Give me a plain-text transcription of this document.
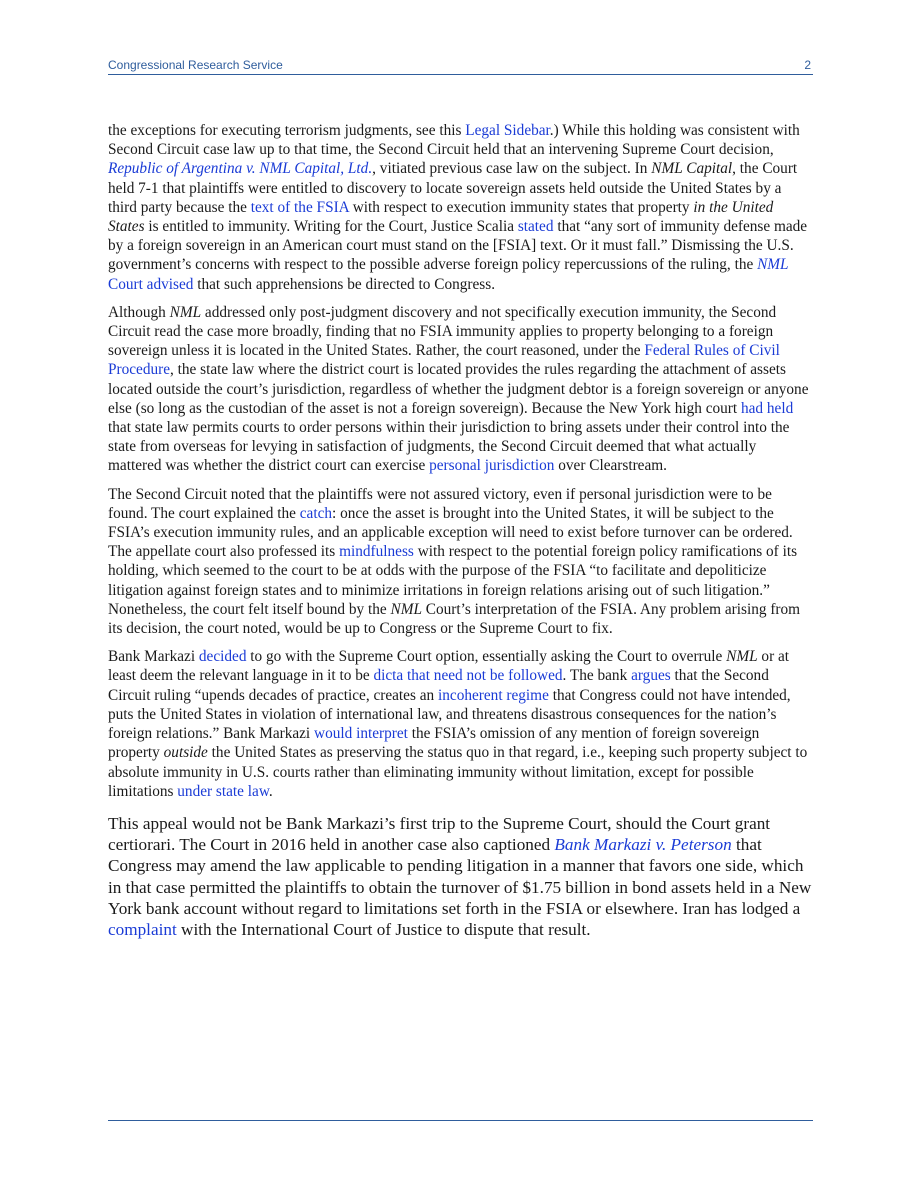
Congressional Research Service	2

the exceptions for executing terrorism judgments, see this Legal Sidebar.) While this holding was consistent with Second Circuit case law up to that time, the Second Circuit held that an intervening Supreme Court decision, Republic of Argentina v. NML Capital, Ltd., vitiated previous case law on the subject. In NML Capital, the Court held 7-1 that plaintiffs were entitled to discovery to locate sovereign assets held outside the United States by a third party because the text of the FSIA with respect to execution immunity states that property in the United States is entitled to immunity. Writing for the Court, Justice Scalia stated that “any sort of immunity defense made by a foreign sovereign in an American court must stand on the [FSIA] text. Or it must fall.” Dismissing the U.S. government’s concerns with respect to the possible adverse foreign policy repercussions of the ruling, the NML Court advised that such apprehensions be directed to Congress.

Although NML addressed only post-judgment discovery and not specifically execution immunity, the Second Circuit read the case more broadly, finding that no FSIA immunity applies to property belonging to a foreign sovereign unless it is located in the United States. Rather, the court reasoned, under the Federal Rules of Civil Procedure, the state law where the district court is located provides the rules regarding the attachment of assets located outside the court’s jurisdiction, regardless of whether the judgment debtor is a foreign sovereign or anyone else (so long as the custodian of the asset is not a foreign sovereign). Because the New York high court had held that state law permits courts to order persons within their jurisdiction to bring assets under their control into the state from overseas for levying in satisfaction of judgments, the Second Circuit deemed that what actually mattered was whether the district court can exercise personal jurisdiction over Clearstream.

The Second Circuit noted that the plaintiffs were not assured victory, even if personal jurisdiction were to be found. The court explained the catch: once the asset is brought into the United States, it will be subject to the FSIA’s execution immunity rules, and an applicable exception will need to exist before turnover can be ordered. The appellate court also professed its mindfulness with respect to the potential foreign policy ramifications of its holding, which seemed to the court to be at odds with the purpose of the FSIA “to facilitate and depoliticize litigation against foreign states and to minimize irritations in foreign relations arising out of such litigation.” Nonetheless, the court felt itself bound by the NML Court’s interpretation of the FSIA. Any problem arising from its decision, the court noted, would be up to Congress or the Supreme Court to fix.

Bank Markazi decided to go with the Supreme Court option, essentially asking the Court to overrule NML or at least deem the relevant language in it to be dicta that need not be followed. The bank argues that the Second Circuit ruling “upends decades of practice, creates an incoherent regime that Congress could not have intended, puts the United States in violation of international law, and threatens disastrous consequences for the nation’s foreign relations.” Bank Markazi would interpret the FSIA’s omission of any mention of foreign sovereign property outside the United States as preserving the status quo in that regard, i.e., keeping such property subject to absolute immunity in U.S. courts rather than eliminating immunity without limitation, except for possible limitations under state law.

This appeal would not be Bank Markazi’s first trip to the Supreme Court, should the Court grant certiorari. The Court in 2016 held in another case also captioned Bank Markazi v. Peterson that Congress may amend the law applicable to pending litigation in a manner that favors one side, which in that case permitted the plaintiffs to obtain the turnover of $1.75 billion in bond assets held in a New York bank account without regard to limitations set forth in the FSIA or elsewhere. Iran has lodged a complaint with the International Court of Justice to dispute that result.
